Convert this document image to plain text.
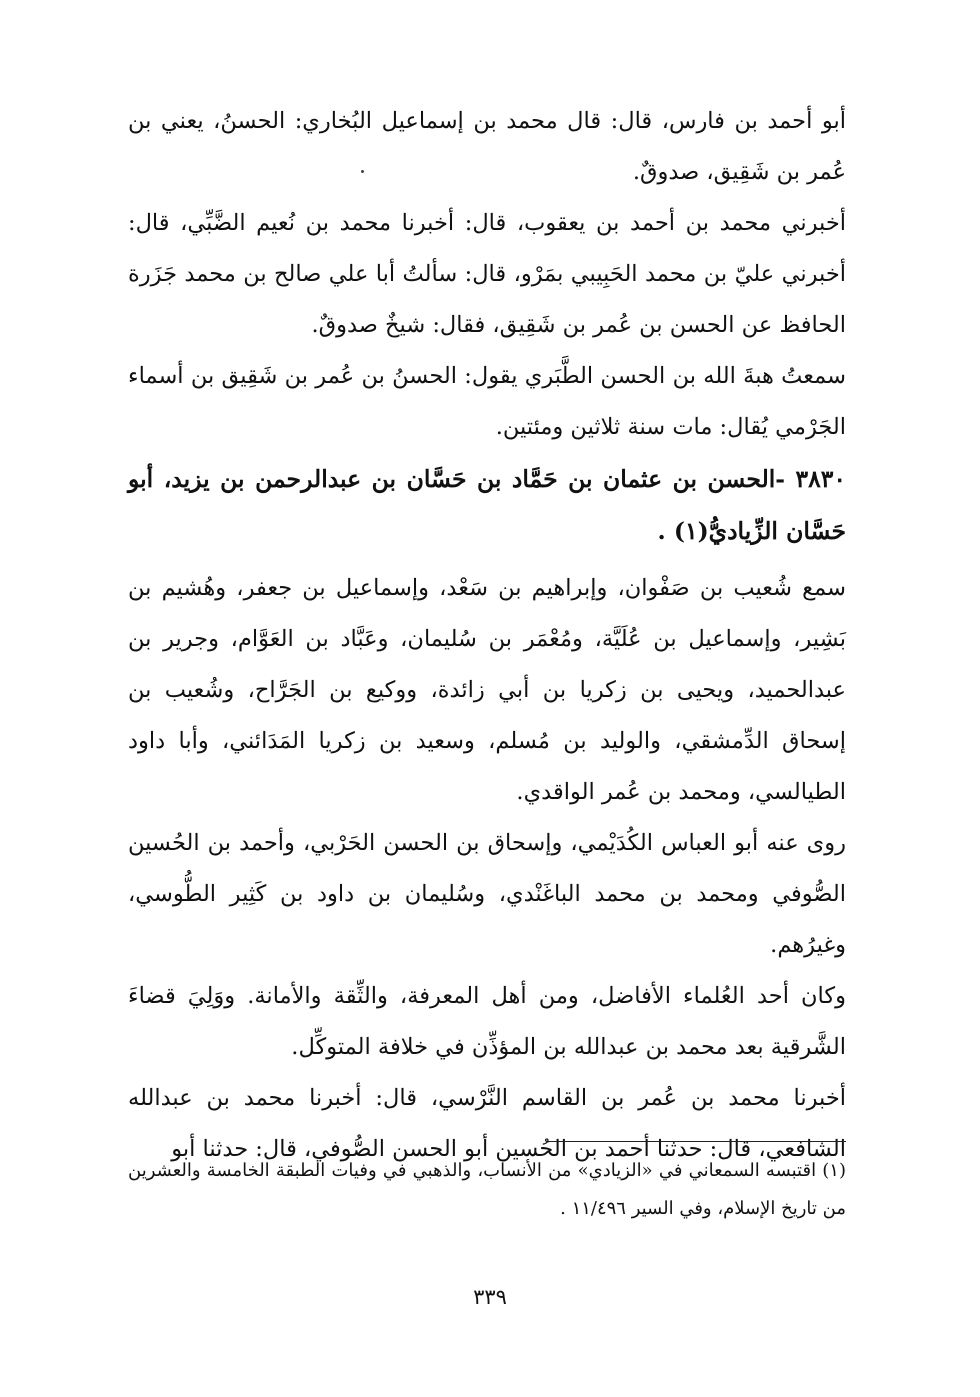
أبو أحمد بن فارس، قال: قال محمد بن إسماعيل البُخاري: الحسنُ، يعني بن عُمر بن شَقِيق، صدوقٌ.

أخبرني محمد بن أحمد بن يعقوب، قال: أخبرنا محمد بن نُعيم الضَّبِّي، قال: أخبرني عليّ بن محمد الحَبِيبي بمَرْو، قال: سألتُ أبا علي صالح بن محمد جَزَرة الحافظ عن الحسن بن عُمر بن شَقِيق، فقال: شيخٌ صدوقٌ.

سمعتُ هبةَ الله بن الحسن الطَّبَري يقول: الحسنُ بن عُمر بن شَقِيق بن أسماء الجَرْمي يُقال: مات سنة ثلاثين ومئتين.

٣٨٣٠ -الحسن بن عثمان بن حَمَّاد بن حَسَّان بن عبدالرحمن بن يزيد، أبو حَسَّان الزِّياديُّ(١) .

سمع شُعيب بن صَفْوان، وإبراهيم بن سَعْد، وإسماعيل بن جعفر، وهُشيم بن بَشِير، وإسماعيل بن عُلَيَّة، ومُعْمَر بن سُليمان، وعَبَّاد بن العَوَّام، وجرير بن عبدالحميد، ويحيى بن زكريا بن أبي زائدة، ووكيع بن الجَرَّاح، وشُعيب بن إسحاق الدِّمشقي، والوليد بن مُسلم، وسعيد بن زكريا المَدَائني، وأبا داود الطيالسي، ومحمد بن عُمر الواقدي.

روى عنه أبو العباس الكُدَيْمي، وإسحاق بن الحسن الحَرْبي، وأحمد بن الحُسين الصُّوفي ومحمد بن محمد الباغَنْدي، وسُليمان بن داود بن كَثِير الطُّوسي، وغيرُهم.

وكان أحد العُلماء الأفاضل، ومن أهل المعرفة، والثِّقة والأمانة. ووَلِيَ قضاءَ الشَّرقية بعد محمد بن عبدالله بن المؤذِّن في خلافة المتوكِّل.

أخبرنا محمد بن عُمر بن القاسم النَّرْسي، قال: أخبرنا محمد بن عبدالله الشافعي، قال: حدثنا أحمد بن الحُسين أبو الحسن الصُّوفي، قال: حدثنا أبو

(١) اقتبسه السمعاني في «الزيادي» من الأنساب، والذهبي في وفيات الطبقة الخامسة والعشرين من تاريخ الإسلام، وفي السير ١١/٤٩٦ .

٣٣٩
